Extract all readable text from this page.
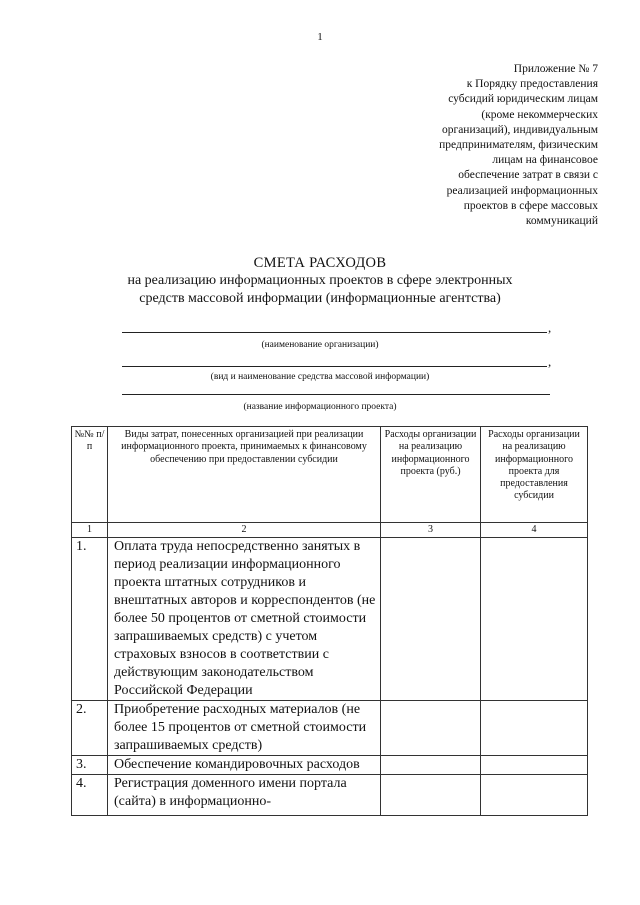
1
Приложение № 7
к Порядку предоставления
субсидий юридическим лицам
(кроме некоммерческих
организаций), индивидуальным
предпринимателям, физическим
лицам на финансовое
обеспечение затрат в связи с
реализацией информационных
проектов в сфере массовых
коммуникаций
СМЕТА РАСХОДОВ
на реализацию информационных проектов в сфере электронных
средств массовой информации (информационные агентства)
,
(наименование организации)
,
(вид и наименование средства массовой информации)
(название информационного проекта)
№№ п/п	Виды затрат, понесенных организацией при реализации информационного проекта, принимаемых к финансовому обеспечению при предоставлении субсидии	Расходы организации на реализацию информационного проекта (руб.)	Расходы организации на реализацию информационного проекта для предоставления субсидии
1	2	3	4
1.	Оплата труда непосредственно занятых в период реализации информационного проекта штатных сотрудников и внештатных авторов и корреспондентов (не более 50 процентов от сметной стоимости запрашиваемых средств) с учетом страховых взносов в соответствии с действующим законодательством Российской Федерации		
2.	Приобретение расходных материалов (не более 15 процентов от сметной стоимости запрашиваемых средств)		
3.	Обеспечение командировочных расходов		
4.	Регистрация доменного имени портала (сайта) в информационно-		
